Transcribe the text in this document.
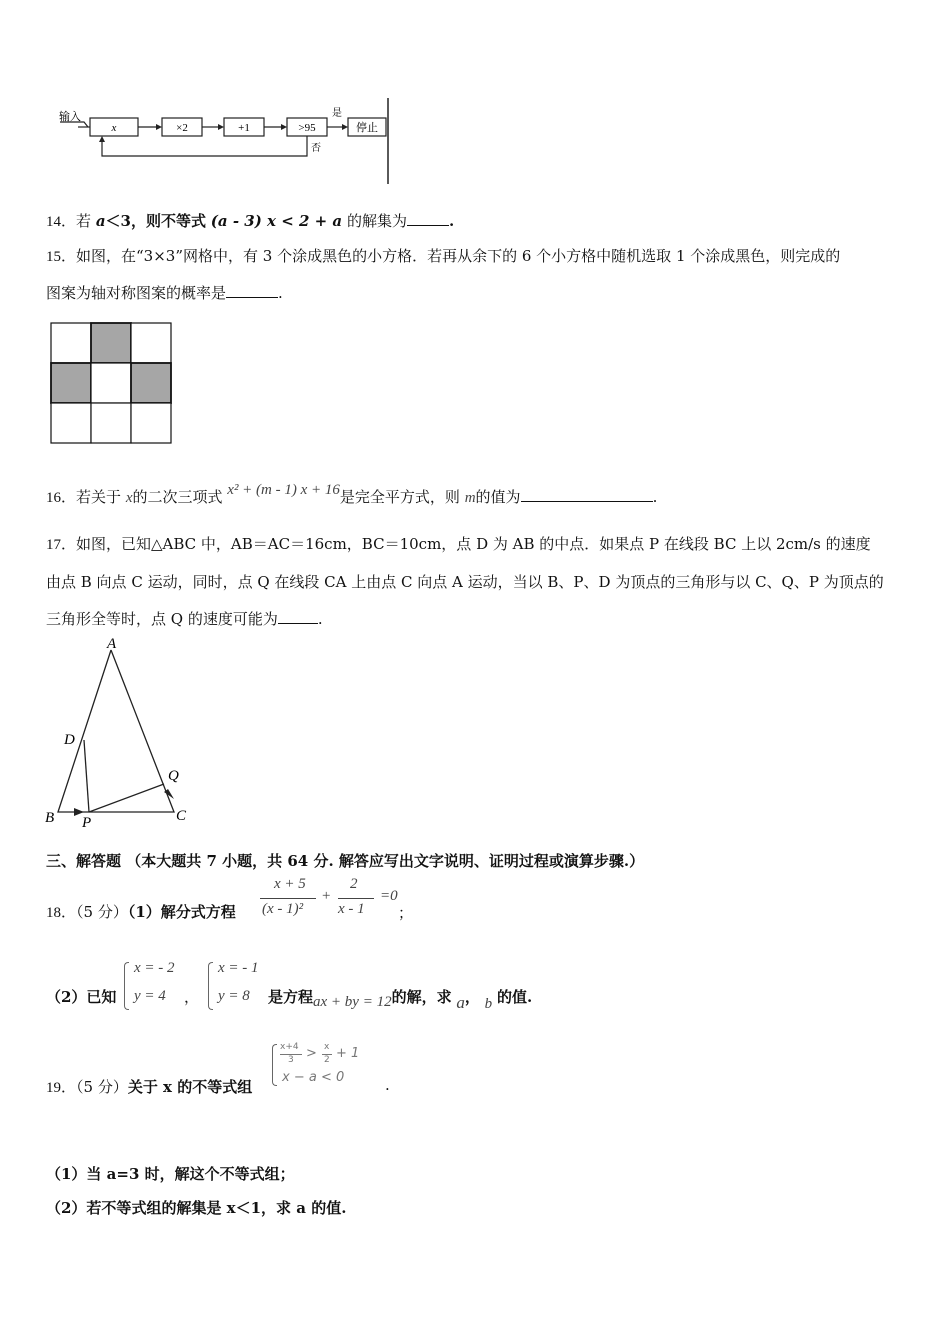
输入
x	×2	+1	>95
是
停止
否
14．若 a＜3，则不等式 (a - 3) x < 2 + a 的解集为	.
15．如图，在“3×3”网格中，有 3 个涂成黑色的小方格．若再从余下的 6 个小方格中随机选取 1 个涂成黑色，则完成的
图案为轴对称图案的概率是	.
16．若关于 x的二次三项式 x² + (m - 1) x + 16是完全平方式，则 m的值为	.
17．如图，已知△ABC 中，AB＝AC＝16cm，BC＝10cm，点 D 为 AB 的中点．如果点 P 在线段 BC 上以 2cm/s 的速度
由点 B 向点 C 运动，同时，点 Q 在线段 CA 上由点 C 向点 A 运动，当以 B、P、D 为顶点的三角形与以 C、Q、P 为顶点的
三角形全等时，点 Q 的速度可能为	.
A
D
Q
B P	C
三、解答题 （本大题共 7 小题，共 64 分. 解答应写出文字说明、证明过程或演算步骤.）
18．（5 分）（1）解分式方程
x + 5
(x - 1)²
+
2
x - 1
=0
；
（2）已知
x = - 2
y = 4 ，
x = - 1
y = 8 是方程ax + by = 12的解，求 a， b 的值.
19．（5 分）关于 x 的不等式组
x+4
3 > x
2 + 1
x − a < 0	.
（1）当 a=3 时，解这个不等式组；
（2）若不等式组的解集是 x＜1，求 a 的值.
